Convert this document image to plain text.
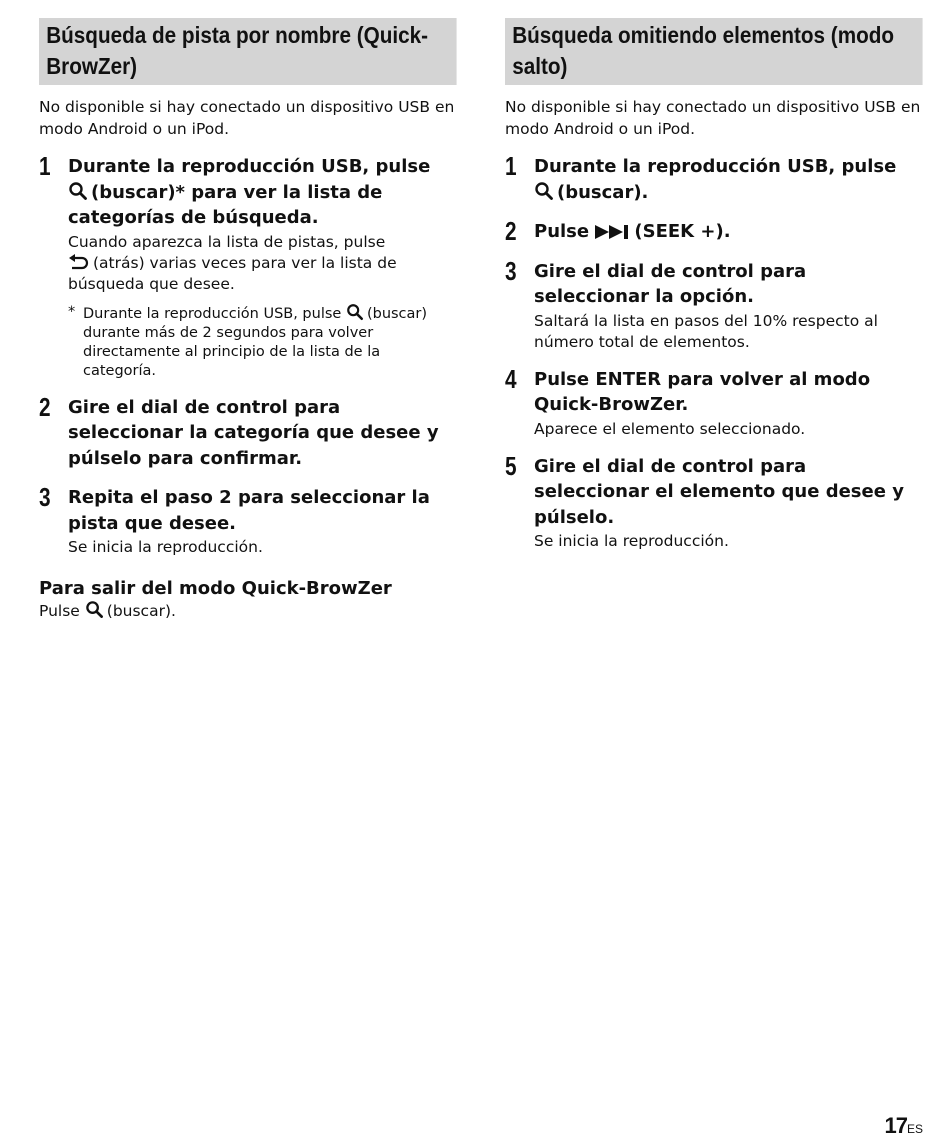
Búsqueda de pista por nombre (Quick-BrowZer)

No disponible si hay conectado un dispositivo USB en modo Android o un iPod.

1 Durante la reproducción USB, pulse
(buscar)* para ver la lista de categorías de búsqueda.
Cuando aparezca la lista de pistas, pulse
(atrás) varias veces para ver la lista de búsqueda que desee.
* Durante la reproducción USB, pulse (buscar) durante más de 2 segundos para volver directamente al principio de la lista de la categoría.
2 Gire el dial de control para seleccionar la categoría que desee y púlselo para confirmar.
3 Repita el paso 2 para seleccionar la pista que desee.
Se inicia la reproducción.
Para salir del modo Quick-BrowZer
Pulse (buscar).
Búsqueda omitiendo elementos (modo salto)

No disponible si hay conectado un dispositivo USB en modo Android o un iPod.

1 Durante la reproducción USB, pulse
(buscar).
2 Pulse	(SEEK +).
3 Gire el dial de control para seleccionar la opción.
Saltará la lista en pasos del 10% respecto al número total de elementos.
4 Pulse ENTER para volver al modo Quick-BrowZer.
Aparece el elemento seleccionado.
5 Gire el dial de control para seleccionar el elemento que desee y púlselo.
Se inicia la reproducción.
17ES
